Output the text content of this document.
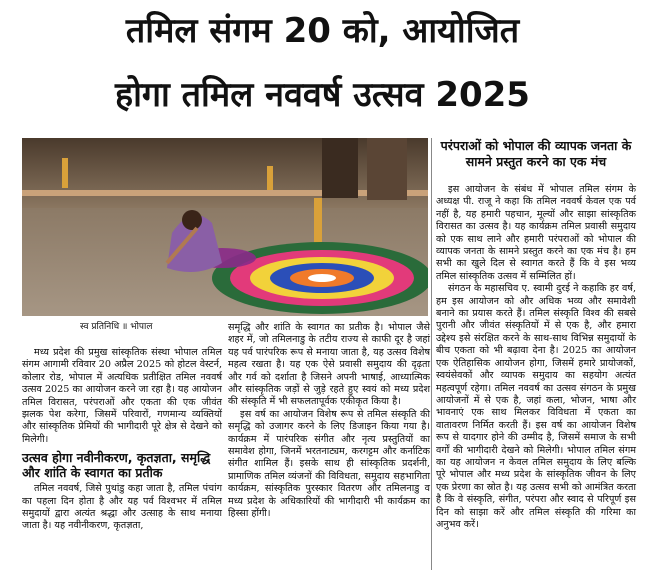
तमिल संगम 20 को, आयोजित
होगा तमिल नववर्ष उत्सव 2025
स्व प्रतिनिधि ॥ भोपाल

मध्य प्रदेश की प्रमुख सांस्कृतिक संस्था भोपाल तमिल संगम आगामी रविवार 20 अप्रैल 2025 को होटल वेस्टर्न, कोलार रोड, भोपाल में अत्यधिक प्रतीक्षित तमिल नववर्ष उत्सव 2025 का आयोजन करने जा रहा है। यह आयोजन तमिल विरासत, परंपराओं और एकता की एक जीवंत झलक पेश करेगा, जिसमें परिवारों, गणमान्य व्यक्तियों और सांस्कृतिक प्रेमियों की भागीदारी पूरे क्षेत्र से देखने को मिलेगी।

उत्सव होगा नवीनीकरण, कृतज्ञता, समृद्धि और शांति के स्वागत का प्रतीक

तमिल नववर्ष, जिसे पुथांडु कहा जाता है, तमिल पंचांग का पहला दिन होता है और यह पर्व विश्वभर में तमिल समुदायों द्वारा अत्यंत श्रद्धा और उत्साह के साथ मनाया जाता है। यह नवीनीकरण, कृतज्ञता,

समृद्धि और शांति के स्वागत का प्रतीक है। भोपाल जैसे शहर में, जो तमिलनाडु के तटीय राज्य से काफी दूर है जहां यह पर्व पारंपरिक रूप से मनाया जाता है, यह उत्सव विशेष महत्व रखता है। यह एक ऐसे प्रवासी समुदाय की दृढ़ता और गर्व को दर्शाता है जिसने अपनी भाषाई, आध्यात्मिक और सांस्कृतिक जड़ों से जुड़े रहते हुए स्वयं को मध्य प्रदेश की संस्कृति में भी सफलतापूर्वक एकीकृत किया है।

इस वर्ष का आयोजन विशेष रूप से तमिल संस्कृति की समृद्धि को उजागर करने के लिए डिजाइन किया गया है। कार्यक्रम में पारंपरिक संगीत और नृत्य प्रस्तुतियों का समावेश होगा, जिनमें भरतनाट्यम, करगट्टम और कर्नाटिक संगीत शामिल हैं। इसके साथ ही सांस्कृतिक प्रदर्शनी, प्रामाणिक तमिल व्यंजनों की विविधता, समुदाय सहभागिता कार्यक्रम, सांस्कृतिक पुरस्कार वितरण और तमिलनाडु व मध्य प्रदेश के अधिकारियों की भागीदारी भी कार्यक्रम का हिस्सा होंगी।

परंपराओं को भोपाल की व्यापक जनता के सामने प्रस्तुत करने का एक मंच

इस आयोजन के संबंध में भोपाल तमिल संगम के अध्यक्ष पी. राजू ने कहा कि तमिल नववर्ष केवल एक पर्व नहीं है, यह हमारी पहचान, मूल्यों और साझा सांस्कृतिक विरासत का उत्सव है। यह कार्यक्रम तमिल प्रवासी समुदाय को एक साथ लाने और हमारी परंपराओं को भोपाल की व्यापक जनता के सामने प्रस्तुत करने का एक मंच है। हम सभी का खुले दिल से स्वागत करते हैं कि वे इस भव्य तमिल सांस्कृतिक उत्सव में सम्मिलित हों।

संगठन के महासचिव ए. स्वामी दुरई ने कहाकि हर वर्ष, हम इस आयोजन को और अधिक भव्य और समावेशी बनाने का प्रयास करते हैं। तमिल संस्कृति विश्व की सबसे पुरानी और जीवंत संस्कृतियों में से एक है, और हमारा उद्देश्य इसे संरक्षित करने के साथ-साथ विभिन्न समुदायों के बीच एकता को भी बढ़ावा देना है। 2025 का आयोजन एक ऐतिहासिक आयोजन होगा, जिसमें हमारे प्रायोजकों, स्वयंसेवकों और व्यापक समुदाय का सहयोग अत्यंत महत्वपूर्ण रहेगा। तमिल नववर्ष का उत्सव संगठन के प्रमुख आयोजनों में से एक है, जहां कला, भोजन, भाषा और भावनाएं एक साथ मिलकर विविधता में एकता का वातावरण निर्मित करती हैं। इस वर्ष का आयोजन विशेष रूप से यादगार होने की उम्मीद है, जिसमें समाज के सभी वर्गों की भागीदारी देखने को मिलेगी। भोपाल तमिल संगम का यह आयोजन न केवल तमिल समुदाय के लिए बल्कि पूरे भोपाल और मध्य प्रदेश के सांस्कृतिक जीवन के लिए एक प्रेरणा का स्रोत है। यह उत्सव सभी को आमंत्रित करता है कि वे संस्कृति, संगीत, परंपरा और स्वाद से परिपूर्ण इस दिन को साझा करें और तमिल संस्कृति की गरिमा का अनुभव करें।
